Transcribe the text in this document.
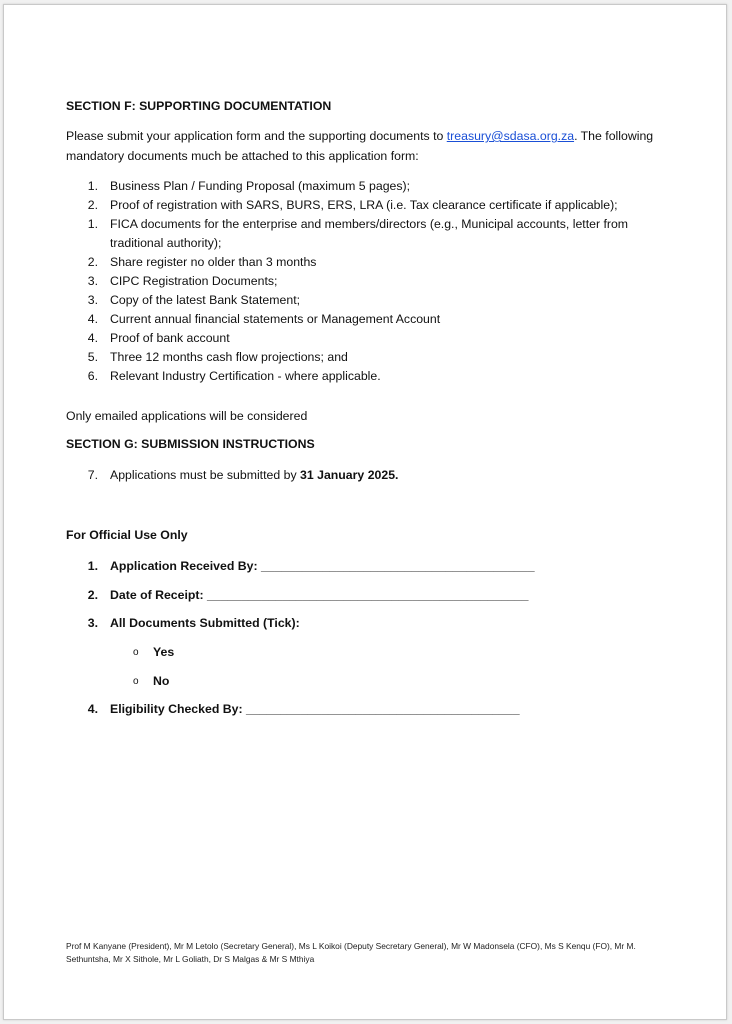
SECTION F: SUPPORTING DOCUMENTATION
Please submit your application form and the supporting documents to treasury@sdasa.org.za. The following mandatory documents much be attached to this application form:
1. Business Plan / Funding Proposal (maximum 5 pages);
2. Proof of registration with SARS, BURS, ERS, LRA (i.e. Tax clearance certificate if applicable);
1. FICA documents for the enterprise and members/directors (e.g., Municipal accounts, letter from
traditional authority);
2. Share register no older than 3 months
3. CIPC Registration Documents;
3. Copy of the latest Bank Statement;
4. Current annual financial statements or Management Account
4. Proof of bank account
5. Three 12 months cash flow projections; and
6. Relevant Industry Certification - where applicable.
Only emailed applications will be considered
SECTION G: SUBMISSION INSTRUCTIONS
7. Applications must be submitted by 31 January 2025.
For Official Use Only
1. Application Received By: ________________________________________
2. Date of Receipt: _______________________________________________
3. All Documents Submitted (Tick):
o Yes
o No
4. Eligibility Checked By: ________________________________________
Prof M Kanyane (President), Mr M Letolo (Secretary General), Ms L Koikoi (Deputy Secretary General), Mr W Madonsela (CFO), Ms S Kenqu (FO), Mr M. Sethuntsha, Mr X Sithole, Mr L Goliath, Dr S Malgas & Mr S Mthiya
